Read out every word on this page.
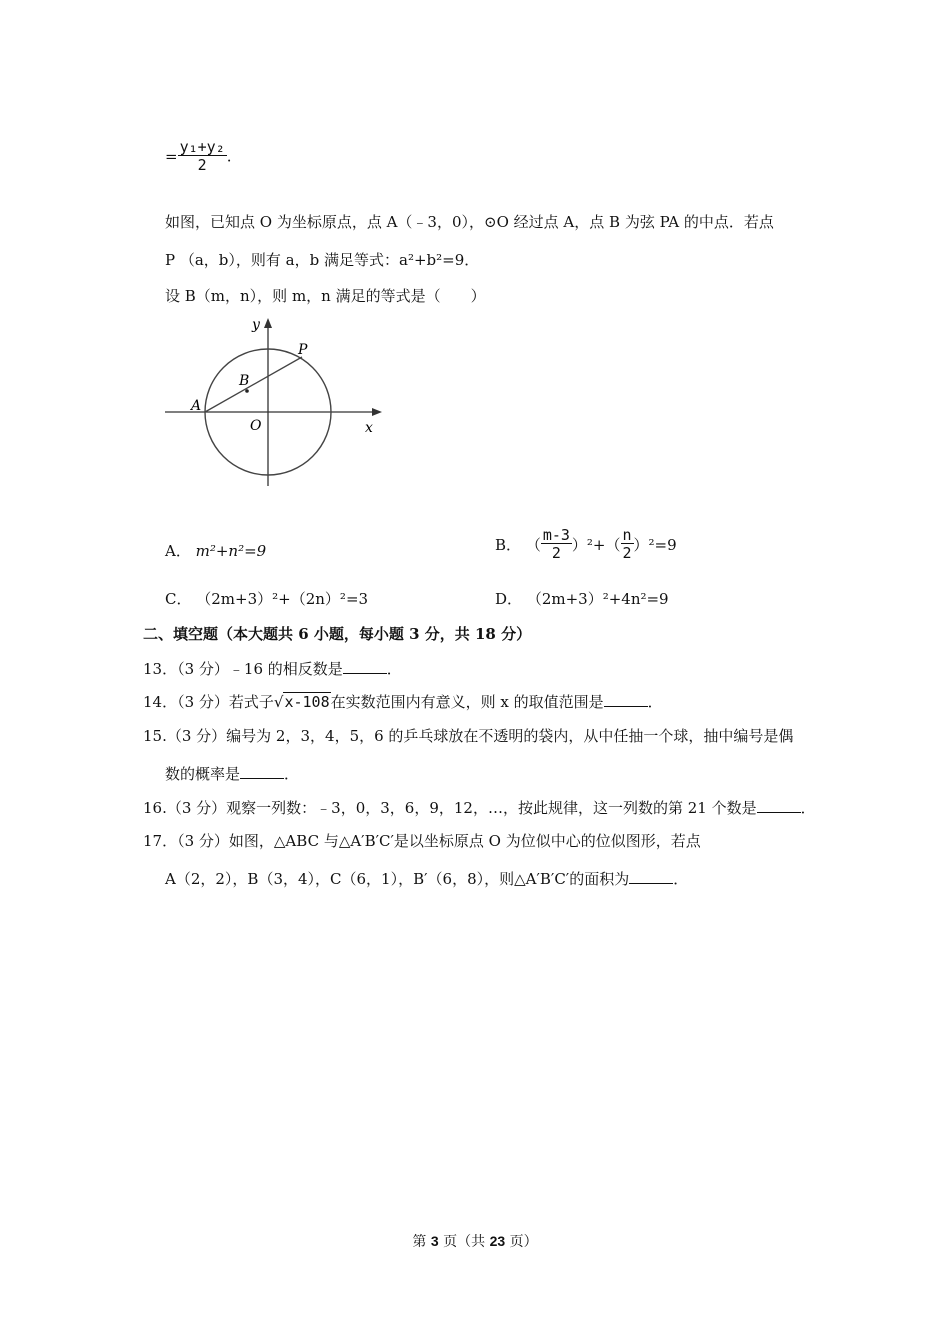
= $\frac{\text{y₁+y₂}}{2}$ .
如图，已知点 O 为坐标原点，点 A（﹣3，0），⊙O 经过点 A，点 B 为弦 PA 的中点．若点
P （a，b），则有 a，b 满足等式：a²+b²=9．
设 B（m，n），则 m，n 满足的等式是（　　）
y
x
A
B
O
P
A． m²+n²=9	B． （ $\frac{m-3}{2} )^2+( \frac{n}{2} )^2=9$
C． （2m+3）²+（2n）²=3	D． （2m+3）²+4n²=9
二、填空题（本大题共 6 小题，每小题 3 分，共 18 分）
13．（3 分）﹣16 的相反数是	．
14．（3 分）若式子√x-108在实数范围内有意义，则 x 的取值范围是	．
15.（3 分）编号为 2，3，4，5，6 的乒乓球放在不透明的袋内，从中任抽一个球，抽中编号是偶
数的概率是	．
16.（3 分）观察一列数：﹣3，0，3，6，9，12，…，按此规律，这一列数的第 21 个数是	．
17．（3 分）如图，△ABC 与△A′B′C′是以坐标原点 O 为位似中心的位似图形，若点
A（2，2），B（3，4），C（6，1），B′（6，8），则△A′B′C′的面积为	．
第 3 页（共 23 页）
